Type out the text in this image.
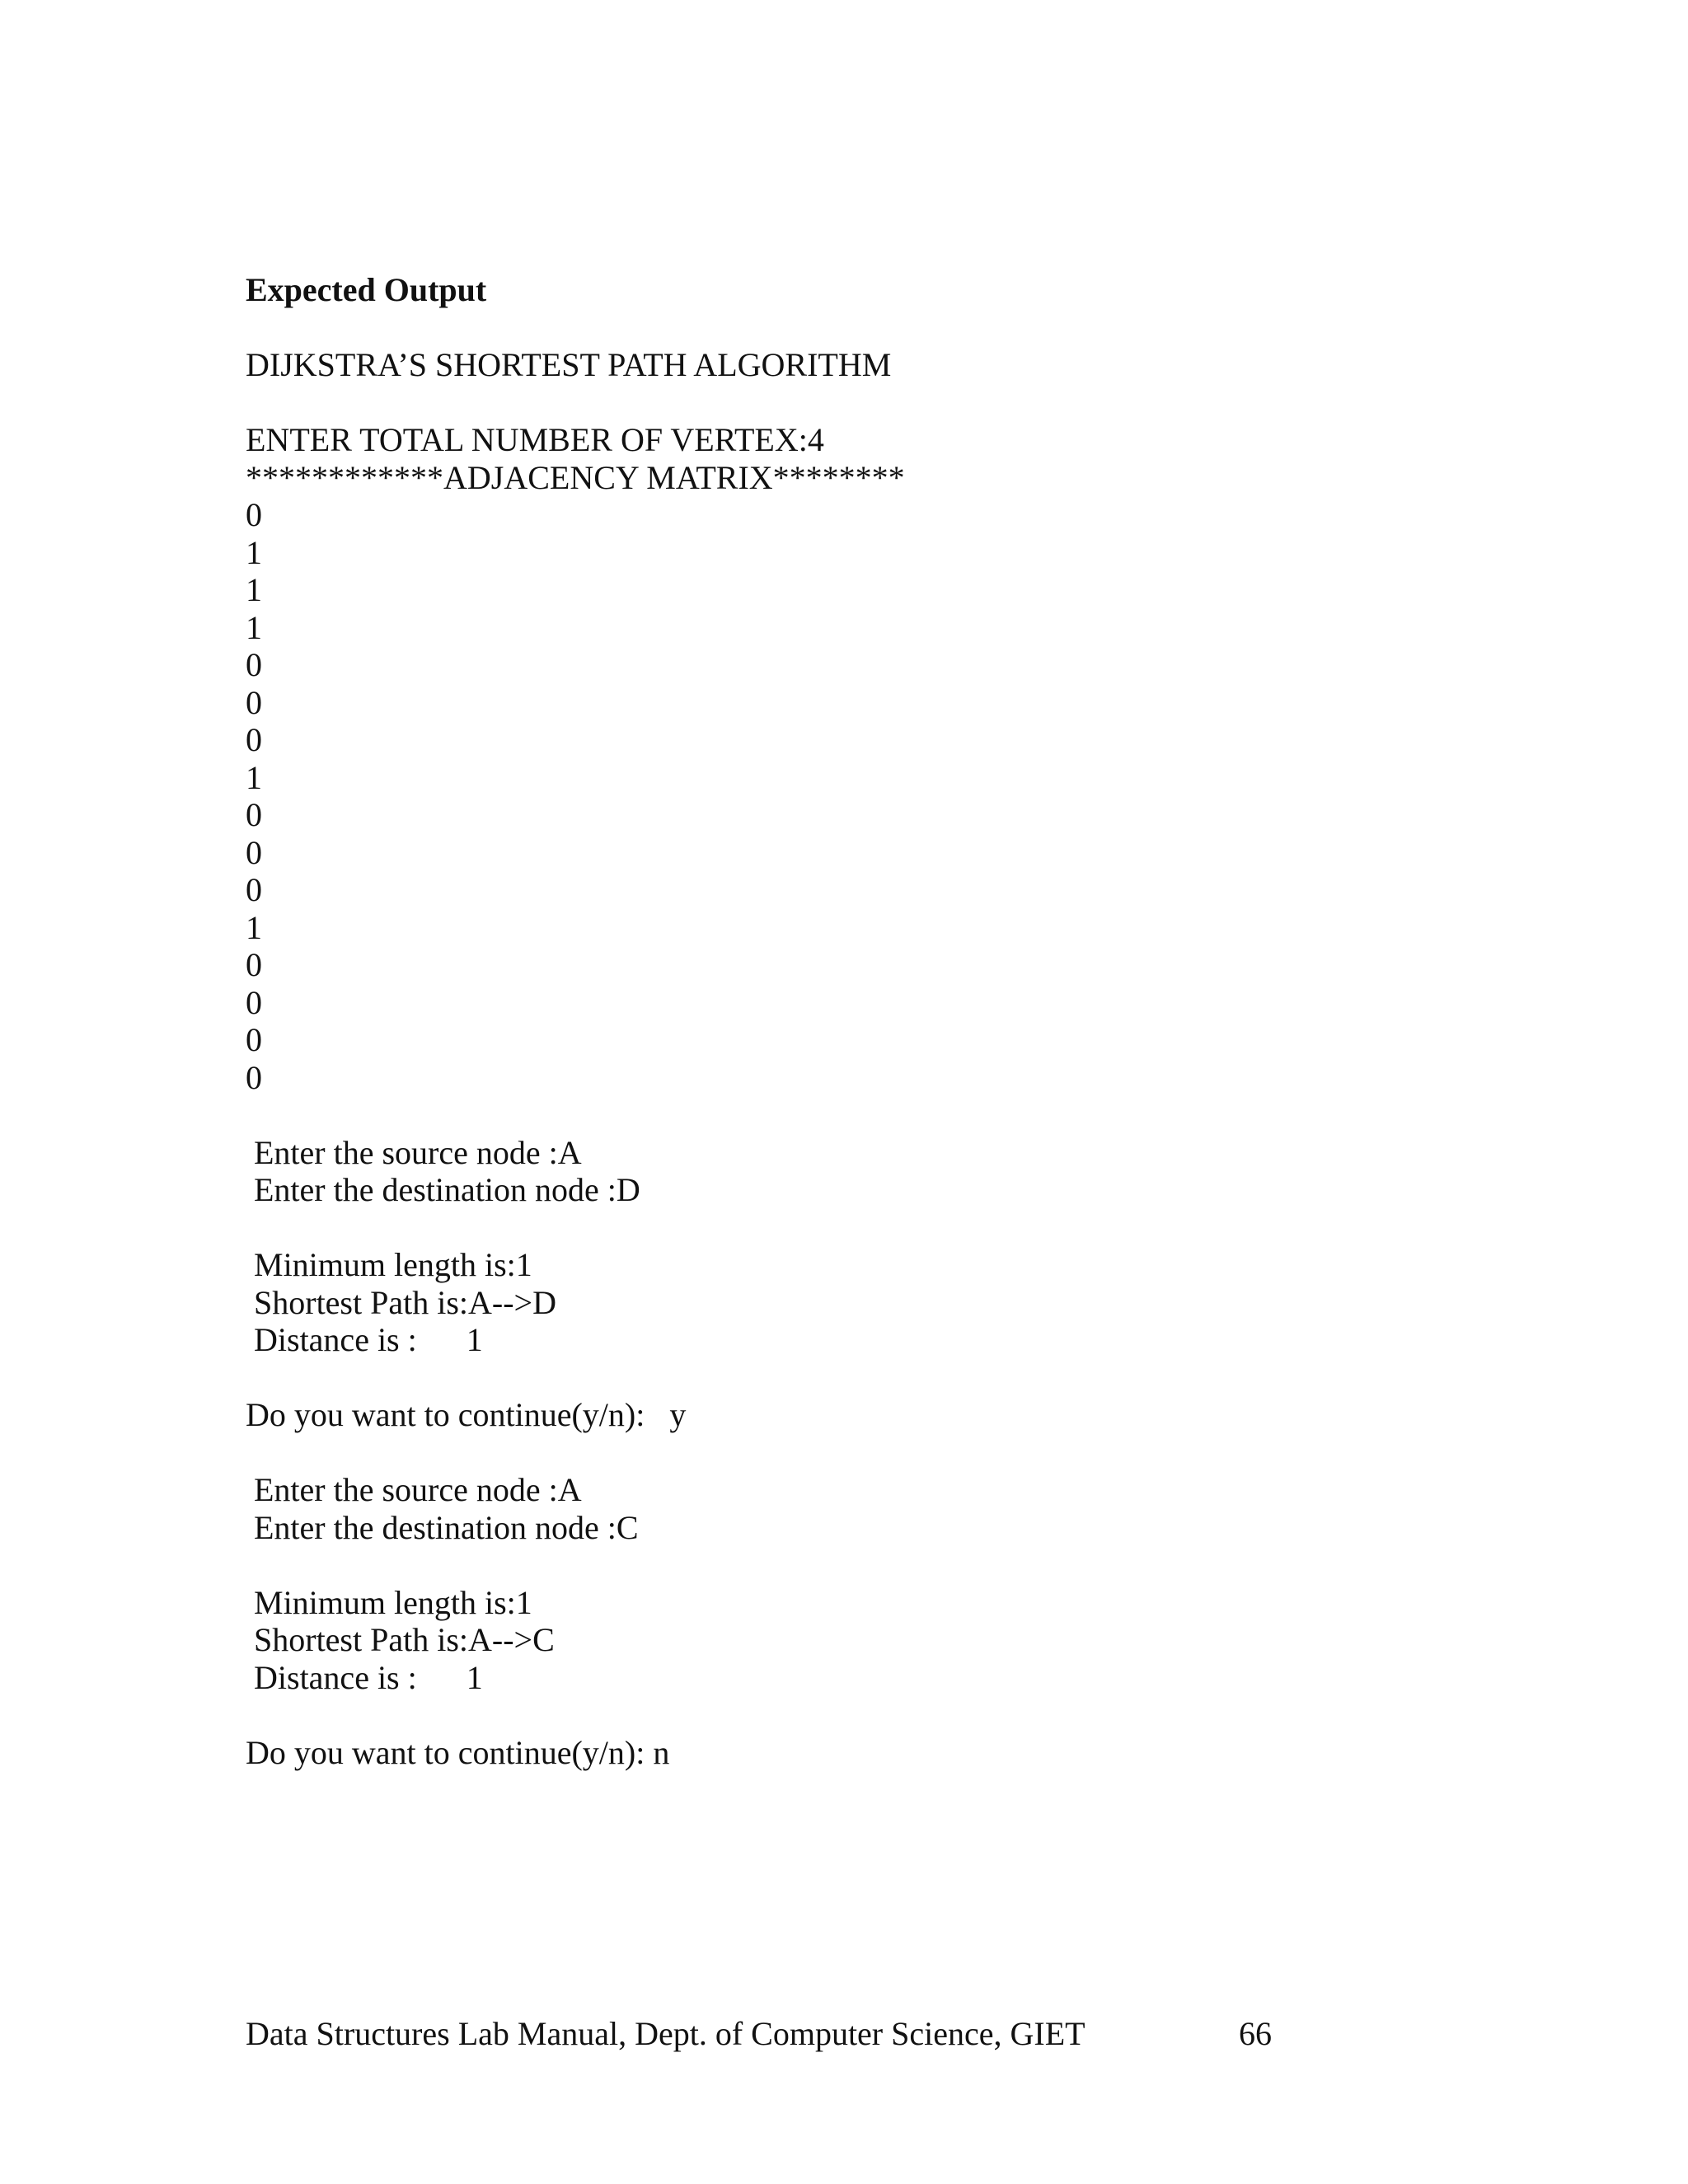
Expected Output
DIJKSTRA’S SHORTEST PATH ALGORITHM
ENTER TOTAL NUMBER OF VERTEX:4
************ADJACENCY MATRIX********
0
1
1
1
0
0
0
1
0
0
0
1
0
0
0
0
Enter the source node :A
Enter the destination node :D
Minimum length is:1
Shortest Path is:A-->D
Distance is :      1
Do you want to continue(y/n):   y
Enter the source node :A
Enter the destination node :C
Minimum length is:1
Shortest Path is:A-->C
Distance is :      1
Do you want to continue(y/n): n
Data Structures Lab Manual, Dept. of Computer Science, GIET	66
